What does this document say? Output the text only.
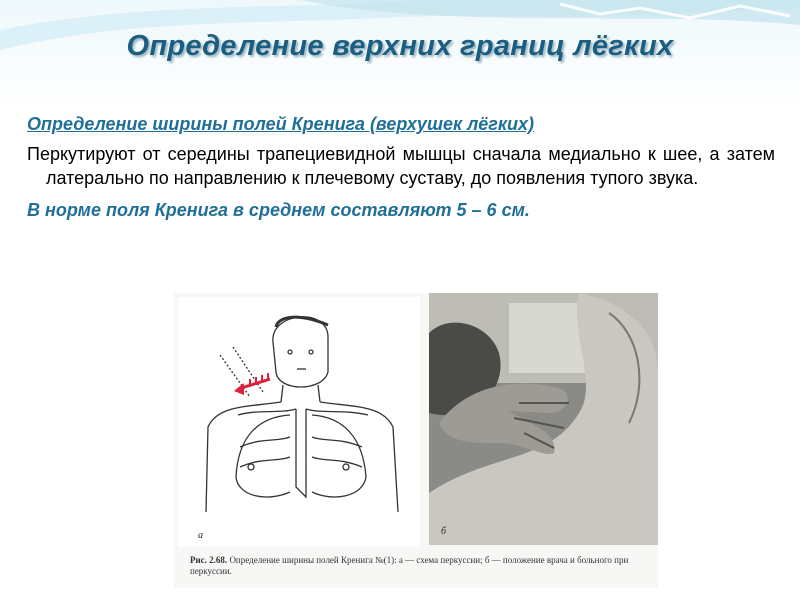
Определение верхних границ лёгких

Определение ширины полей Кренига (верхушек лёгких)

Перкутируют от середины трапециевидной мышцы сначала медиально к шее, а затем латерально по направлению к плечевому суставу, до появления тупого звука.

В норме поля Кренига в среднем составляют 5 – 6 см.

а	б
Рис. 2.68. Определение ширины полей Кренига №(1): а — схема перкуссии; б — положение врача и больного при перкуссии.
